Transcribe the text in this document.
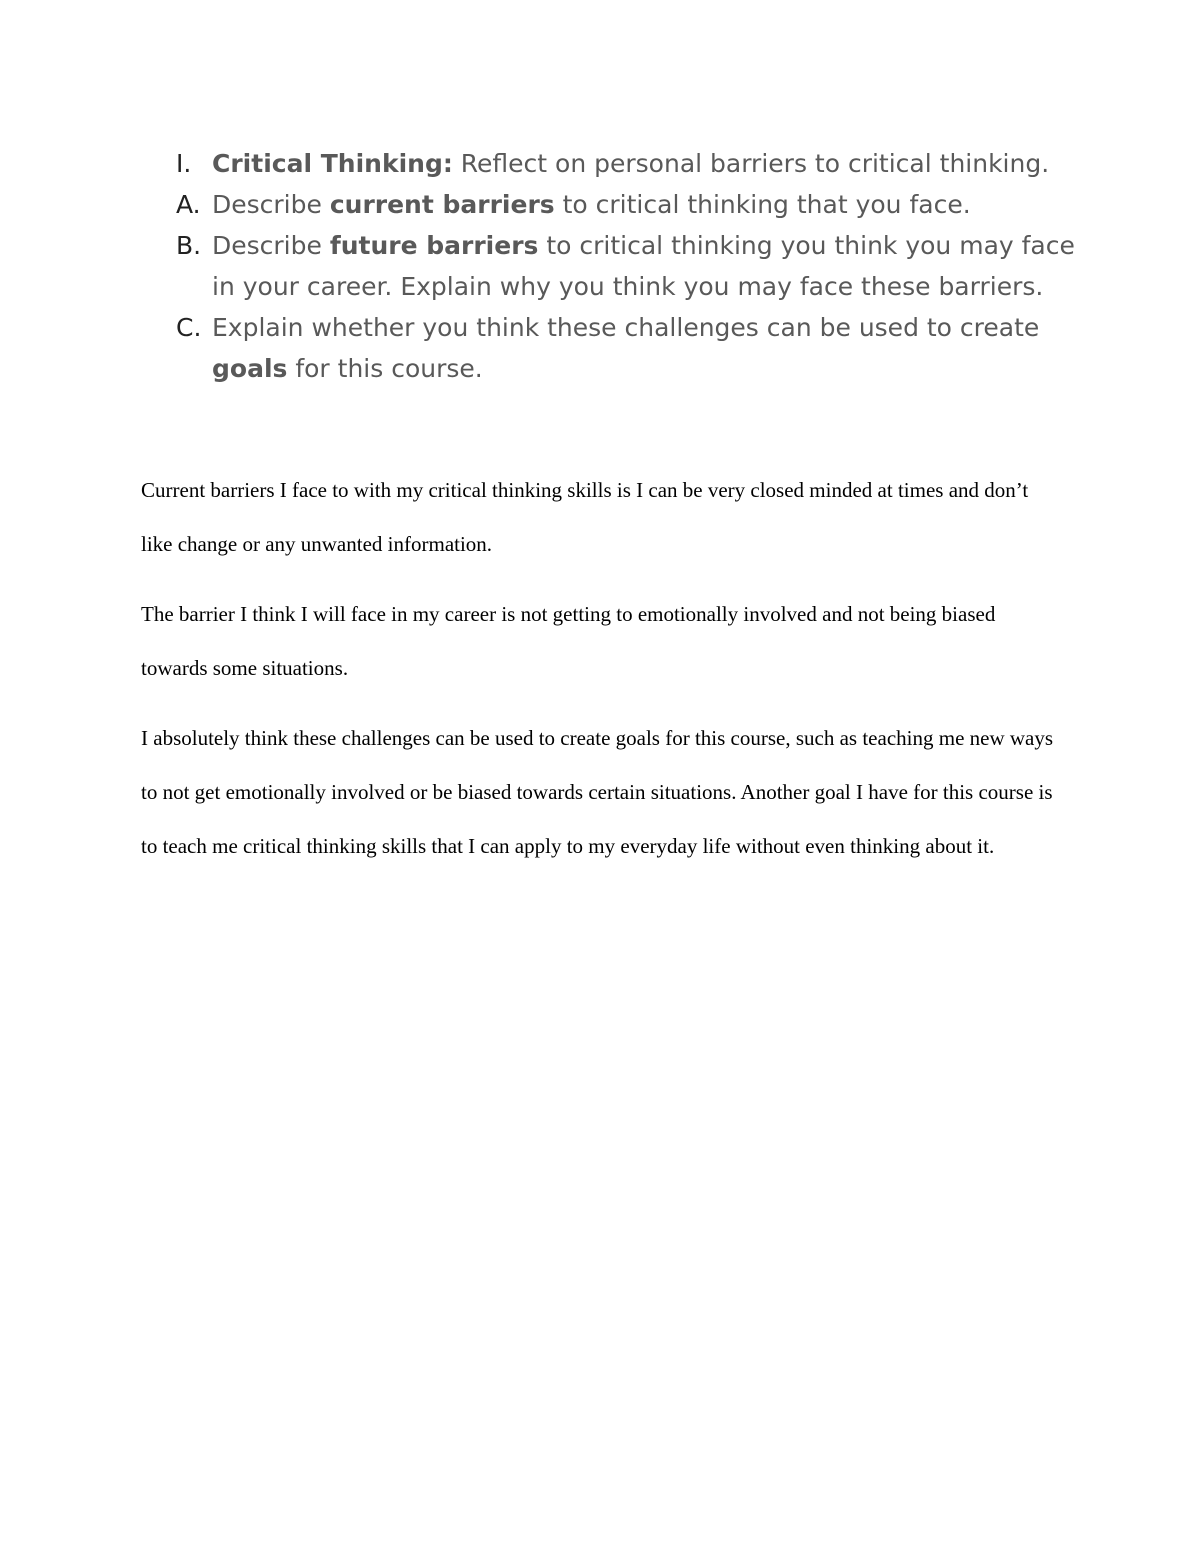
I. Critical Thinking: Reflect on personal barriers to critical thinking.
A. Describe current barriers to critical thinking that you face.
B. Describe future barriers to critical thinking you think you may face in your career. Explain why you think you may face these barriers.
C. Explain whether you think these challenges can be used to create goals for this course.

Current barriers I face to with my critical thinking skills is I can be very closed minded at times and don’t like change or any unwanted information.

The barrier I think I will face in my career is not getting to emotionally involved and not being biased towards some situations.

I absolutely think these challenges can be used to create goals for this course, such as teaching me new ways to not get emotionally involved or be biased towards certain situations. Another goal I have for this course is to teach me critical thinking skills that I can apply to my everyday life without even thinking about it.
